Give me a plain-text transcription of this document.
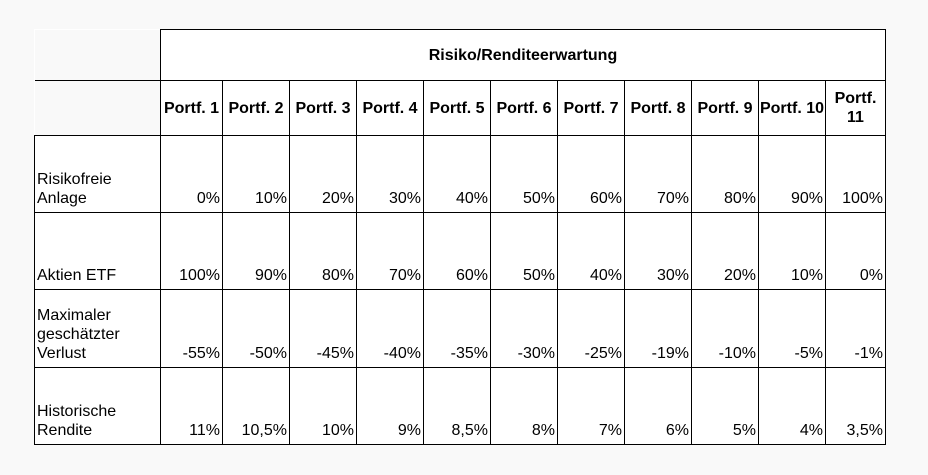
	Risiko/Renditeerwartung										
	Portf. 1	Portf. 2	Portf. 3	Portf. 4	Portf. 5	Portf. 6	Portf. 7	Portf. 8	Portf. 9	Portf. 10	Portf. 11
Risikofreie Anlage	0%	10%	20%	30%	40%	50%	60%	70%	80%	90%	100%
Aktien ETF	100%	90%	80%	70%	60%	50%	40%	30%	20%	10%	0%
Maximaler geschätzter Verlust	-55%	-50%	-45%	-40%	-35%	-30%	-25%	-19%	-10%	-5%	-1%
Historische Rendite	11%	10,5%	10%	9%	8,5%	8%	7%	6%	5%	4%	3,5%
